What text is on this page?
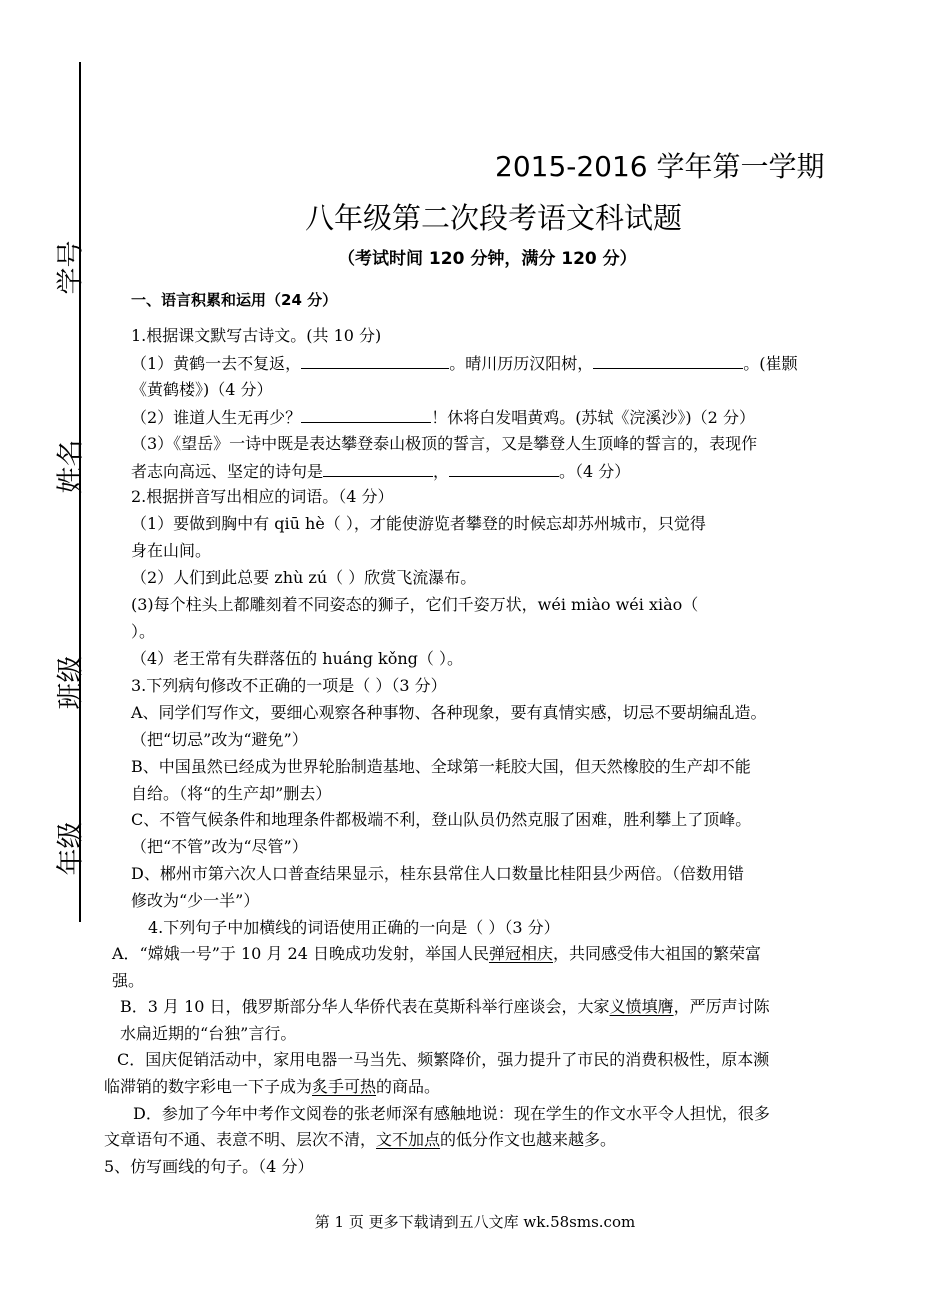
学号
姓名
班级
年级
2015-2016 学年第一学期
八年级第二次段考语文科试题
（考试时间 120 分钟，满分 120 分）
一、语言积累和运用（24 分）
1.根据课文默写古诗文。(共 10 分)
（1）黄鹤一去不复返，	。晴川历历汉阳树，	。(崔颢
《黄鹤楼》)（4 分）
（2）谁道人生无再少？	！休将白发唱黄鸡。(苏轼《浣溪沙》)（2 分）
（3）《望岳》一诗中既是表达攀登泰山极顶的誓言，又是攀登人生顶峰的誓言的，表现作
者志向高远、坚定的诗句是	，	。（4 分）
2.根据拼音写出相应的词语。（4 分）
（1）要做到胸中有 qiū hè（ ），才能使游览者攀登的时候忘却苏州城市，只觉得
身在山间。
（2）人们到此总要 zhù zú（ ）欣赏飞流瀑布。
(3)每个柱头上都雕刻着不同姿态的狮子，它们千姿万状，wéi miào wéi xiào（
）。
（4）老王常有失群落伍的 huáng kǒng（ ）。
3.下列病句修改不正确的一项是（ ）（3 分）
A、同学们写作文，要细心观察各种事物、各种现象，要有真情实感，切忌不要胡编乱造。
（把“切忌”改为“避免”）
B、中国虽然已经成为世界轮胎制造基地、全球第一耗胶大国，但天然橡胶的生产却不能
自给。（将“的生产却”删去）
C、不管气候条件和地理条件都极端不利，登山队员仍然克服了困难，胜利攀上了顶峰。
（把“不管”改为“尽管”）
D、郴州市第六次人口普查结果显示，桂东县常住人口数量比桂阳县少两倍。（倍数用错
修改为“少一半”）
4.下列句子中加横线的词语使用正确的一向是（ ）（3 分）
A．“嫦娥一号”于 10 月 24 日晚成功发射，举国人民弹冠相庆，共同感受伟大祖国的繁荣富
强。
B．3 月 10 日，俄罗斯部分华人华侨代表在莫斯科举行座谈会，大家义愤填膺，严厉声讨陈
水扁近期的“台独”言行。
C．国庆促销活动中，家用电器一马当先、频繁降价，强力提升了市民的消费积极性，原本濒
临滞销的数字彩电一下子成为炙手可热的商品。
D．参加了今年中考作文阅卷的张老师深有感触地说：现在学生的作文水平令人担忧，很多
文章语句不通、表意不明、层次不清，文不加点的低分作文也越来越多。
5、仿写画线的句子。（4 分）
第 1 页 更多下载请到五八文库 wk.58sms.com
